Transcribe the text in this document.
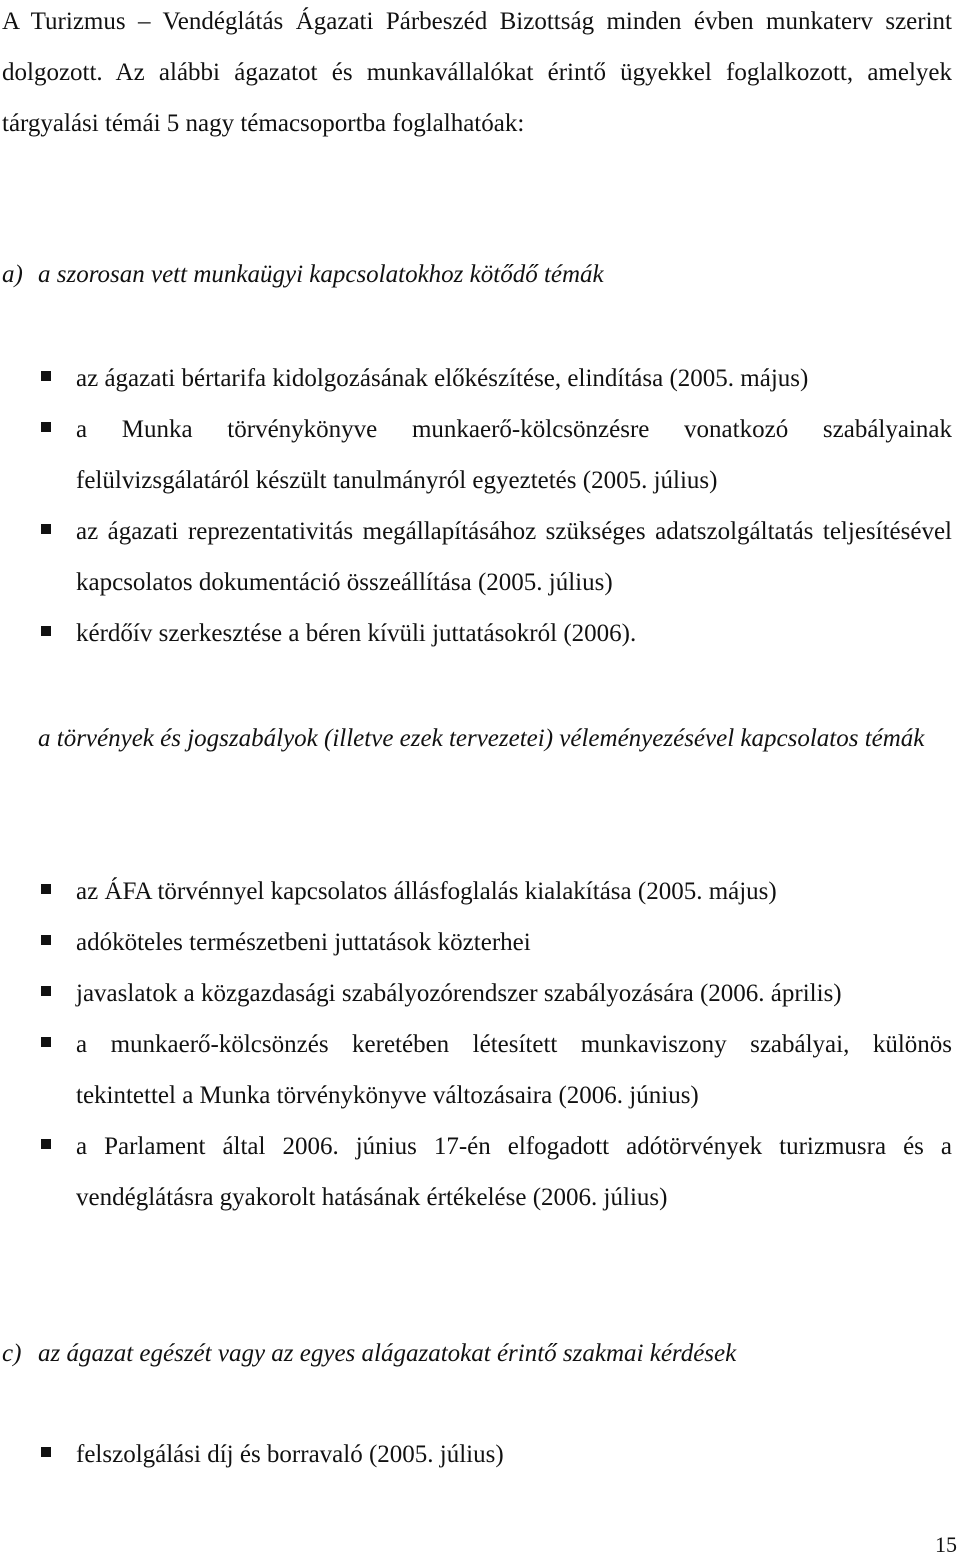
A Turizmus – Vendéglátás Ágazati Párbeszéd Bizottság minden évben munkaterv szerint dolgozott. Az alábbi ágazatot és munkavállalókat érintő ügyekkel foglalkozott, amelyek tárgyalási témái 5 nagy témacsoportba foglalhatóak:

a) a szorosan vett munkaügyi kapcsolatokhoz kötődő témák

az ágazati bértarifa kidolgozásának előkészítése, elindítása (2005. május)
a Munka törvénykönyve munkaerő-kölcsönzésre vonatkozó szabályainak felülvizsgálatáról készült tanulmányról egyeztetés (2005. július)
az ágazati reprezentativitás megállapításához szükséges adatszolgáltatás teljesítésével kapcsolatos dokumentáció összeállítása (2005. július)
kérdőív szerkesztése a béren kívüli juttatásokról (2006).

a törvények és jogszabályok (illetve ezek tervezetei) véleményezésével kapcsolatos témák

az ÁFA törvénnyel kapcsolatos állásfoglalás kialakítása (2005. május)
adóköteles természetbeni juttatások közterhei
javaslatok a közgazdasági szabályozórendszer szabályozására (2006. április)
a munkaerő-kölcsönzés keretében létesített munkaviszony szabályai, különös tekintettel a Munka törvénykönyve változásaira (2006. június)
a Parlament által 2006. június 17-én elfogadott adótörvények turizmusra és a vendéglátásra gyakorolt hatásának értékelése (2006. július)

c) az ágazat egészét vagy az egyes alágazatokat érintő szakmai kérdések

felszolgálási díj és borravaló (2005. július)
15
